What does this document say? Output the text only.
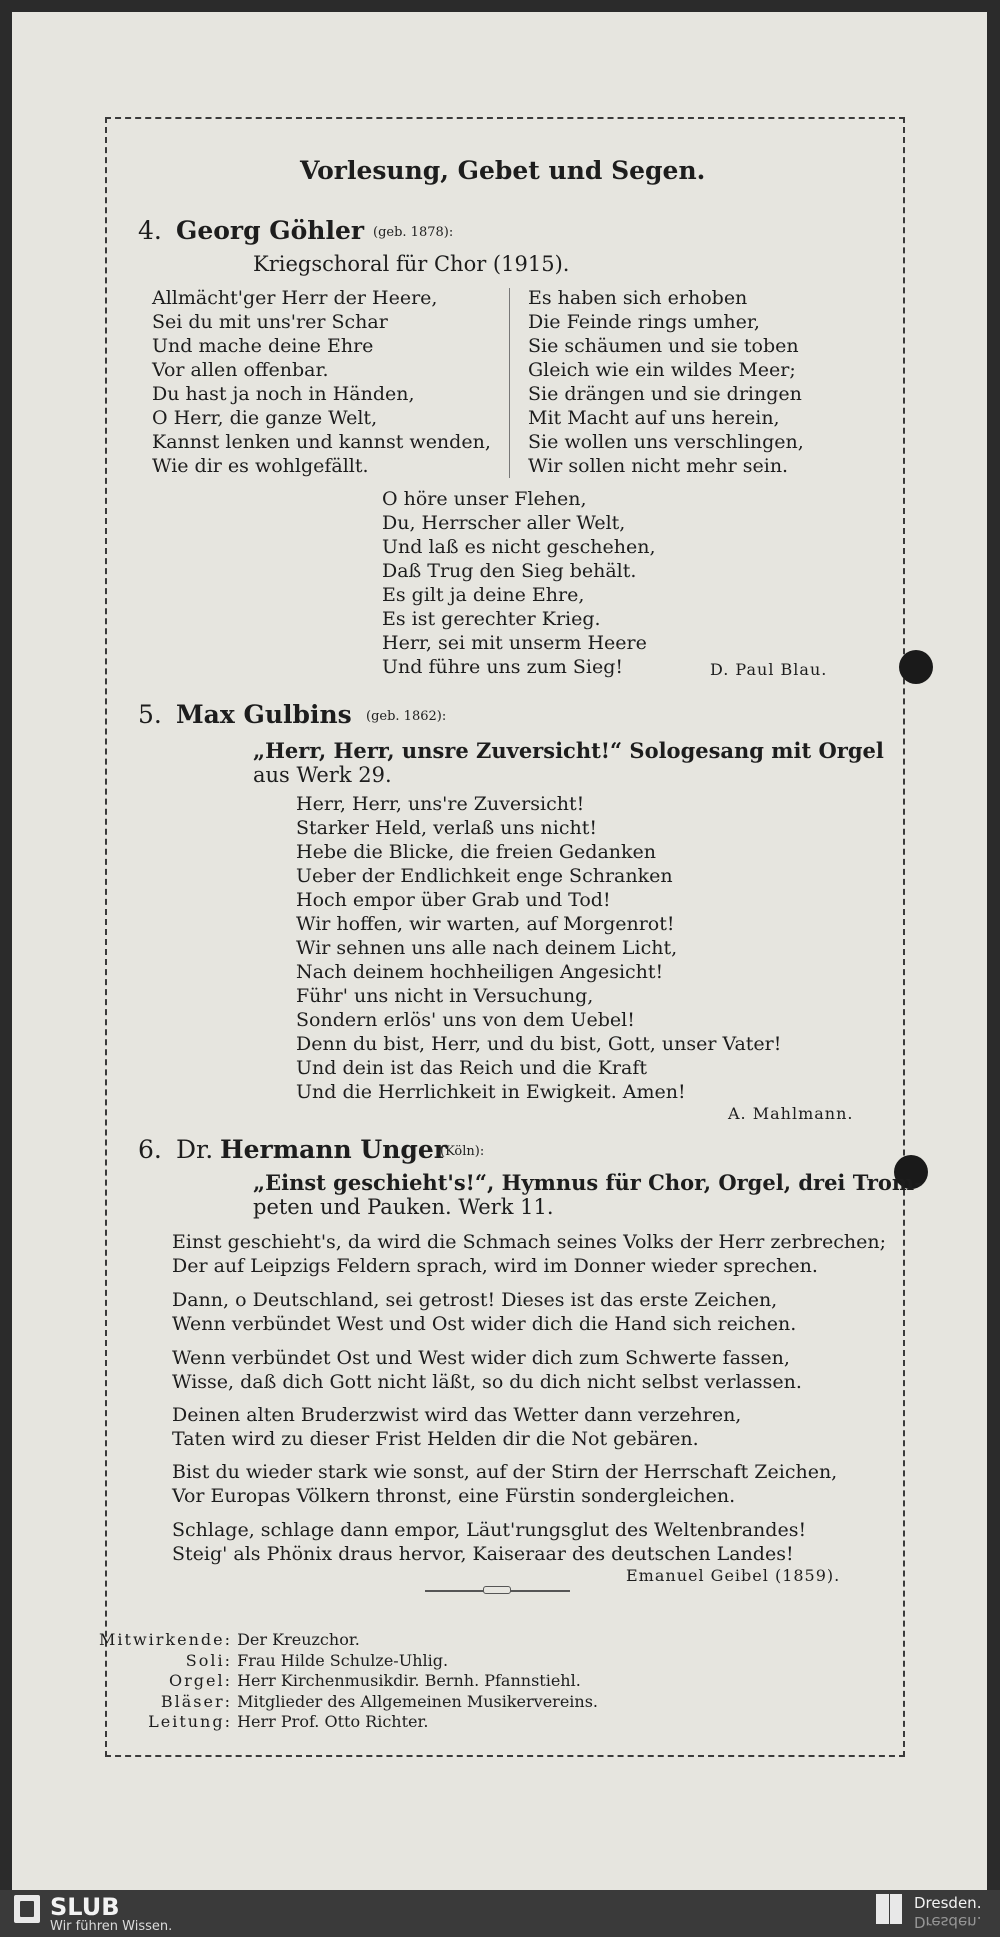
Vorlesung, Gebet und Segen.
4. Georg Göhler (geb. 1878):
Kriegschoral für Chor (1915).
Allmächt'ger Herr der Heere,
Sei du mit uns'rer Schar
Und mache deine Ehre
Vor allen offenbar.
Du hast ja noch in Händen,
O Herr, die ganze Welt,
Kannst lenken und kannst wenden,
Wie dir es wohlgefällt.
Es haben sich erhoben
Die Feinde rings umher,
Sie schäumen und sie toben
Gleich wie ein wildes Meer;
Sie drängen und sie dringen
Mit Macht auf uns herein,
Sie wollen uns verschlingen,
Wir sollen nicht mehr sein.
O höre unser Flehen,
Du, Herrscher aller Welt,
Und laß es nicht geschehen,
Daß Trug den Sieg behält.
Es gilt ja deine Ehre,
Es ist gerechter Krieg.
Herr, sei mit unserm Heere
Und führe uns zum Sieg!	D. Paul Blau.
5. Max Gulbins (geb. 1862):
„Herr, Herr, unsre Zuversicht!“ Sologesang mit Orgel
aus Werk 29.
Herr, Herr, uns're Zuversicht!
Starker Held, verlaß uns nicht!
Hebe die Blicke, die freien Gedanken
Ueber der Endlichkeit enge Schranken
Hoch empor über Grab und Tod!
Wir hoffen, wir warten, auf Morgenrot!
Wir sehnen uns alle nach deinem Licht,
Nach deinem hochheiligen Angesicht!
Führ' uns nicht in Versuchung,
Sondern erlös' uns von dem Uebel!
Denn du bist, Herr, und du bist, Gott, unser Vater!
Und dein ist das Reich und die Kraft
Und die Herrlichkeit in Ewigkeit. Amen!
A. Mahlmann.
6. Dr. Hermann Unger
(Köln):
„Einst geschieht's!“, Hymnus für Chor, Orgel, drei Trom-
peten und Pauken. Werk 11.
Einst geschieht's, da wird die Schmach seines Volks der Herr zerbrechen;
Der auf Leipzigs Feldern sprach, wird im Donner wieder sprechen.
Dann, o Deutschland, sei getrost! Dieses ist das erste Zeichen,
Wenn verbündet West und Ost wider dich die Hand sich reichen.
Wenn verbündet Ost und West wider dich zum Schwerte fassen,
Wisse, daß dich Gott nicht läßt, so du dich nicht selbst verlassen.
Deinen alten Bruderzwist wird das Wetter dann verzehren,
Taten wird zu dieser Frist Helden dir die Not gebären.
Bist du wieder stark wie sonst, auf der Stirn der Herrschaft Zeichen,
Vor Europas Völkern thronst, eine Fürstin sondergleichen.
Schlage, schlage dann empor, Läut'rungsglut des Weltenbrandes!
Steig' als Phönix draus hervor, Kaiseraar des deutschen Landes!
Emanuel Geibel (1859).
Mitwirkende: Der Kreuzchor.
Soli: Frau Hilde Schulze-Uhlig.
Orgel: Herr Kirchenmusikdir. Bernh. Pfannstiehl.
Bläser: Mitglieder des Allgemeinen Musikervereins.
Leitung: Herr Prof. Otto Richter.
SLUB
Wir führen Wissen.
Dresden.
Dresden.
